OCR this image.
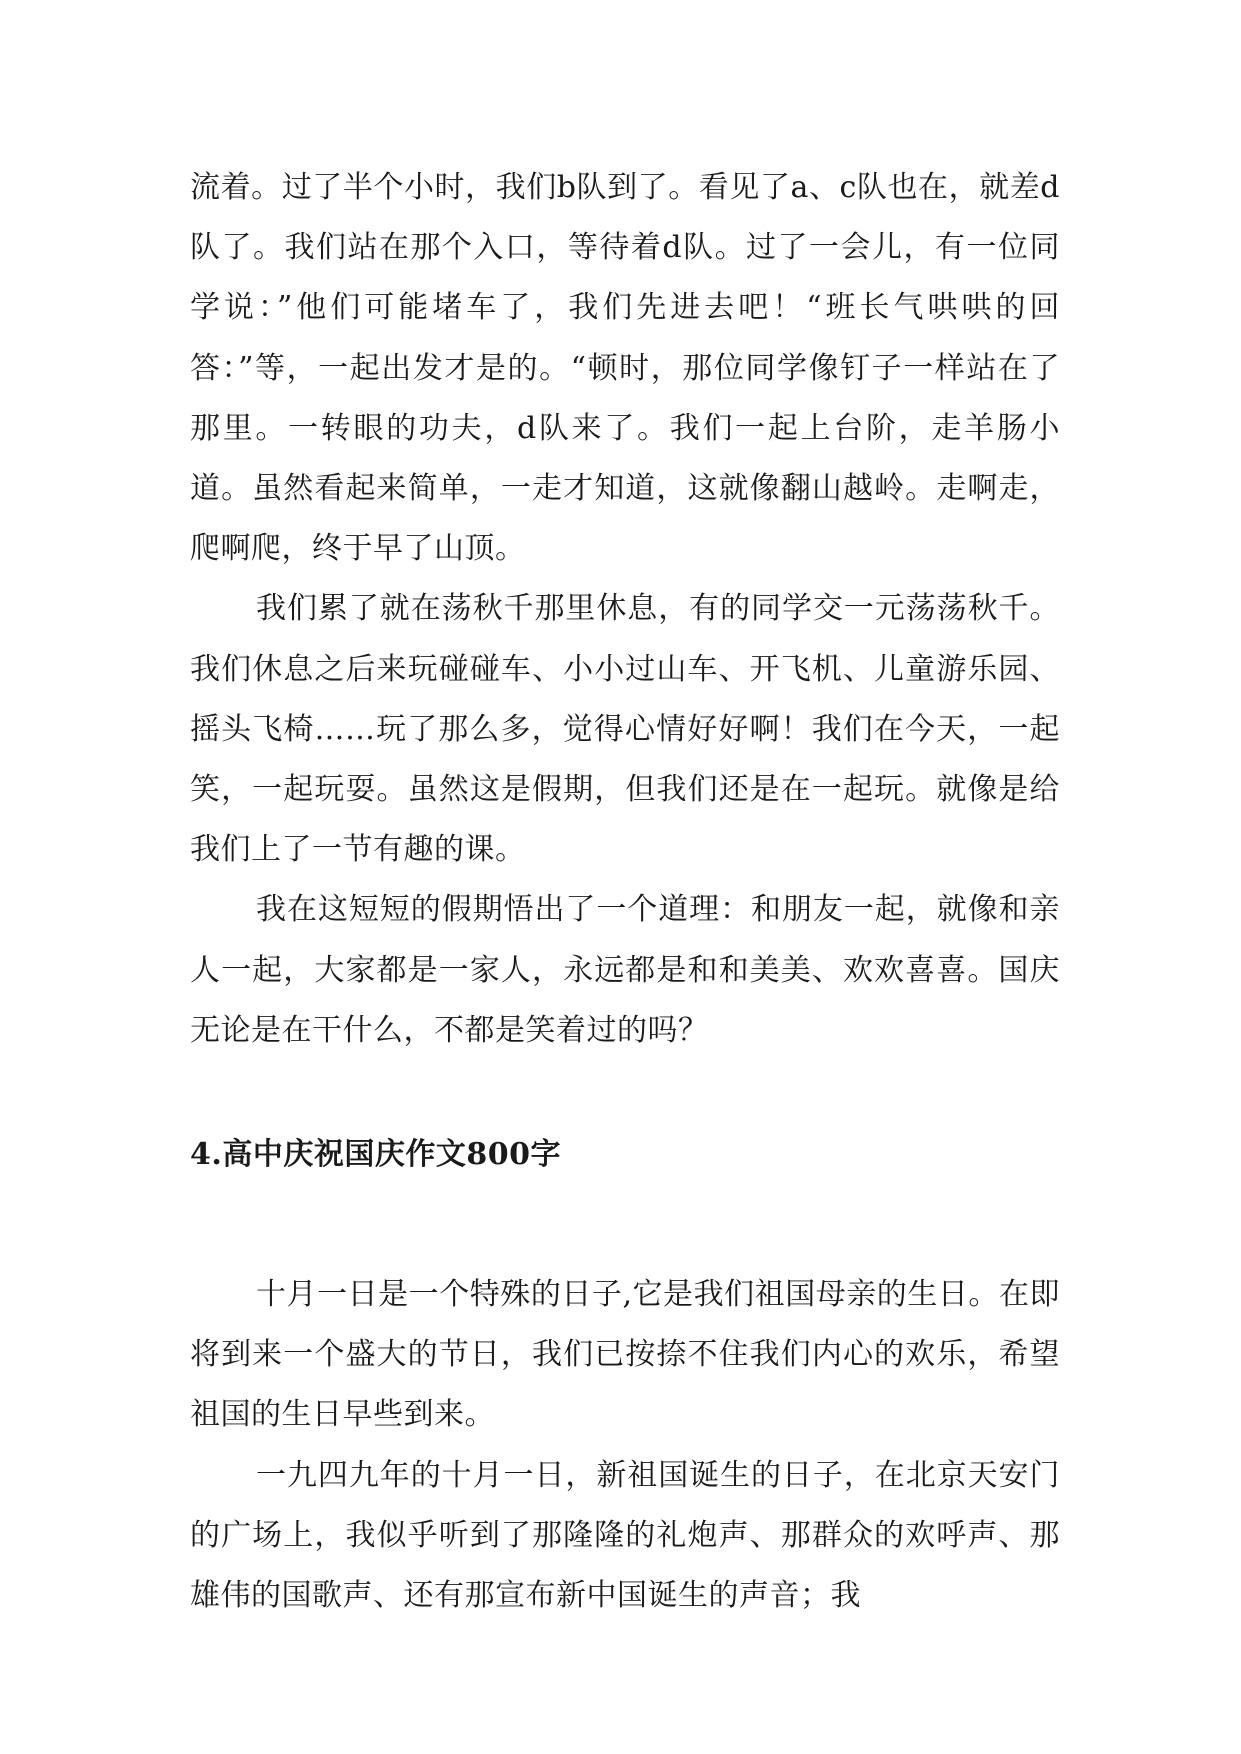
流着。过了半个小时，我们b队到了。看见了a、c队也在，就差d队了。我们站在那个入口，等待着d队。过了一会儿，有一位同学说：”他们可能堵车了，我们先进去吧！“班长气哄哄的回答：”等，一起出发才是的。“顿时，那位同学像钉子一样站在了那里。一转眼的功夫，d队来了。我们一起上台阶，走羊肠小道。虽然看起来简单，一走才知道，这就像翻山越岭。走啊走，爬啊爬，终于早了山顶。

我们累了就在荡秋千那里休息，有的同学交一元荡荡秋千。我们休息之后来玩碰碰车、小小过山车、开飞机、儿童游乐园、摇头飞椅……玩了那么多，觉得心情好好啊！我们在今天，一起笑，一起玩耍。虽然这是假期，但我们还是在一起玩。就像是给我们上了一节有趣的课。

我在这短短的假期悟出了一个道理：和朋友一起，就像和亲人一起，大家都是一家人，永远都是和和美美、欢欢喜喜。国庆无论是在干什么，不都是笑着过的吗？

4.高中庆祝国庆作文800字

十月一日是一个特殊的日子,它是我们祖国母亲的生日。在即将到来一个盛大的节日，我们已按捺不住我们内心的欢乐，希望祖国的生日早些到来。

一九四九年的十月一日，新祖国诞生的日子，在北京天安门的广场上，我似乎听到了那隆隆的礼炮声、那群众的欢呼声、那雄伟的国歌声、还有那宣布新中国诞生的声音；我
